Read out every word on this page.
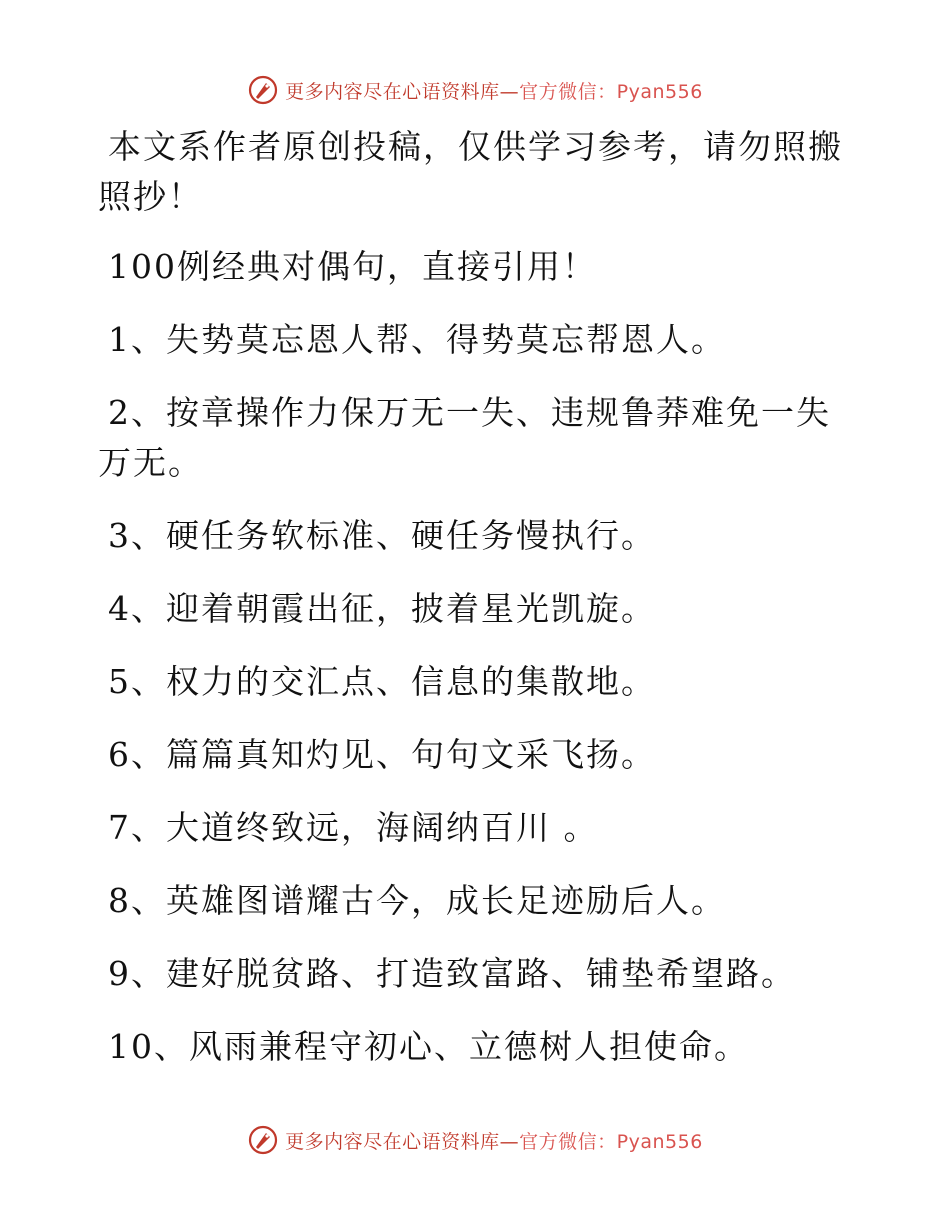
更多内容尽在心语资料库—官方微信：Pyan556

本文系作者原创投稿，仅供学习参考，请勿照搬照抄！

100例经典对偶句，直接引用！

1、失势莫忘恩人帮、得势莫忘帮恩人。

2、按章操作力保万无一失、违规鲁莽难免一失万无。

3、硬任务软标准、硬任务慢执行。

4、迎着朝霞出征，披着星光凯旋。

5、权力的交汇点、信息的集散地。

6、篇篇真知灼见、句句文采飞扬。

7、大道终致远，海阔纳百川 。

8、英雄图谱耀古今，成长足迹励后人。

9、建好脱贫路、打造致富路、铺垫希望路。

10、风雨兼程守初心、立德树人担使命。

更多内容尽在心语资料库—官方微信：Pyan556
